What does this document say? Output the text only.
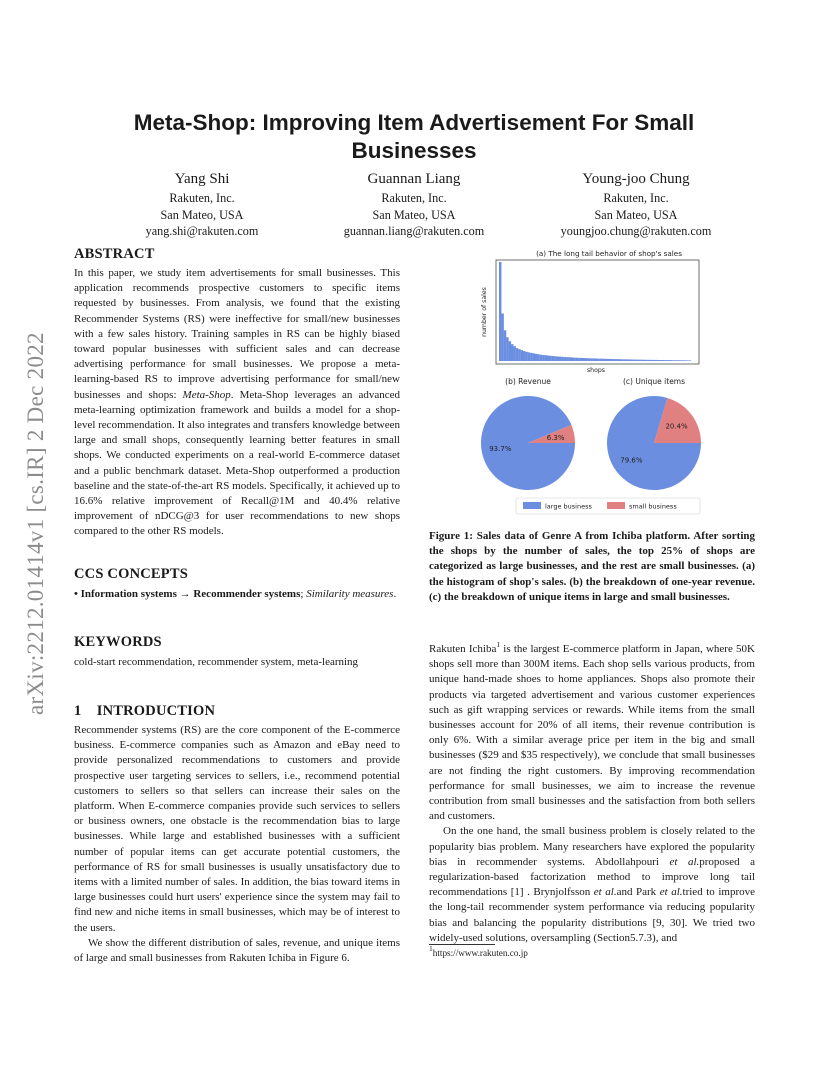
arXiv:2212.01414v1 [cs.IR] 2 Dec 2022
Meta-Shop: Improving Item Advertisement For Small Businesses
Yang Shi
Rakuten, Inc.
San Mateo, USA
yang.shi@rakuten.com
Guannan Liang
Rakuten, Inc.
San Mateo, USA
guannan.liang@rakuten.com
Young-joo Chung
Rakuten, Inc.
San Mateo, USA
youngjoo.chung@rakuten.com
ABSTRACT
In this paper, we study item advertisements for small businesses. This application recommends prospective customers to specific items requested by businesses. From analysis, we found that the existing Recommender Systems (RS) were ineffective for small/new businesses with a few sales history. Training samples in RS can be highly biased toward popular businesses with sufficient sales and can decrease advertising performance for small businesses. We propose a meta-learning-based RS to improve advertising performance for small/new businesses and shops: Meta-Shop. Meta-Shop leverages an advanced meta-learning optimization framework and builds a model for a shop-level recommendation. It also integrates and transfers knowledge between large and small shops, consequently learning better features in small shops. We conducted experiments on a real-world E-commerce dataset and a public benchmark dataset. Meta-Shop outperformed a production baseline and the state-of-the-art RS models. Specifically, it achieved up to 16.6% relative improvement of Recall@1M and 40.4% relative improvement of nDCG@3 for user recommendations to new shops compared to the other RS models.
CCS CONCEPTS
• Information systems → Recommender systems; Similarity measures.
KEYWORDS
cold-start recommendation, recommender system, meta-learning
1    INTRODUCTION

Recommender systems (RS) are the core component of the E-commerce business. E-commerce companies such as Amazon and eBay need to provide personalized recommendations to customers and provide prospective user targeting services to sellers, i.e., recommend potential customers to sellers so that sellers can increase their sales on the platform. When E-commerce companies provide such services to sellers or business owners, one obstacle is the recommendation bias to large businesses. While large and established businesses with a sufficient number of popular items can get accurate potential customers, the performance of RS for small businesses is usually unsatisfactory due to items with a limited number of sales. In addition, the bias toward items in large businesses could hurt users' experience since the system may fail to find new and niche items in small businesses, which may be of interest to the users.

We show the different distribution of sales, revenue, and unique items of large and small businesses from Rakuten Ichiba in Figure 6.

(a) The long tail behavior of shop's sales
shops
number of sales
(b) Revenue
93.7%
6.3%
(c) Unique items
79.6%
20.4%
large business	small business

Figure 1: Sales data of Genre A from Ichiba platform. After sorting the shops by the number of sales, the top 25% of shops are categorized as large businesses, and the rest are small businesses. (a) the histogram of shop's sales. (b) the breakdown of one-year revenue. (c) the breakdown of unique items in large and small businesses.

Rakuten Ichiba$^1$ is the largest E-commerce platform in Japan, where 50K shops sell more than 300M items. Each shop sells various products, from unique hand-made shoes to home appliances. Shops also promote their products via targeted advertisement and various customer experiences such as gift wrapping services or rewards. While items from the small businesses account for 20% of all items, their revenue contribution is only 6%. With a similar average price per item in the big and small businesses ($29 and $35 respectively), we conclude that small businesses are not finding the right customers. By improving recommendation performance for small businesses, we aim to increase the revenue contribution from small businesses and the satisfaction from both sellers and customers.

On the one hand, the small business problem is closely related to the popularity bias problem. Many researchers have explored the popularity bias in recommender systems. Abdollahpouri et al.proposed a regularization-based factorization method to improve long tail recommendations [1] . Brynjolfsson et al.and Park et al.tried to improve the long-tail recommender system performance via reducing popularity bias and balancing the popularity distributions [9, 30]. We tried two widely-used solutions, oversampling (Section5.7.3), and

$^1$https://www.rakuten.co.jp
